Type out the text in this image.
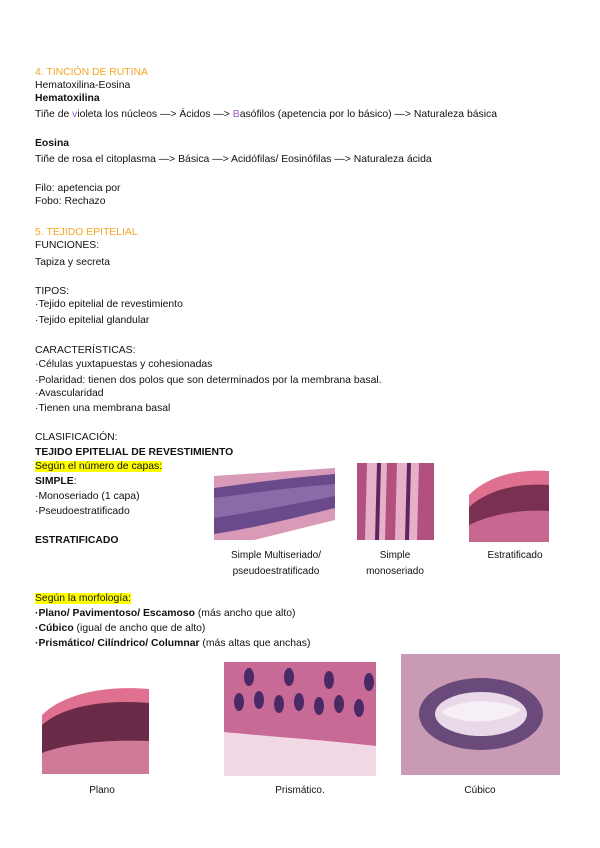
4. TINCIÓN DE RUTINA
Hematoxilina-Eosina
Hematoxilina
Tiñe de violeta los núcleos —> Ácidos —> Basófilos (apetencia por lo básico) —> Naturaleza básica
Eosina
Tiñe de rosa el citoplasma —> Básica —> Acidófilas/ Eosinófilas —> Naturaleza ácida
Filo: apetencia por
Fobo: Rechazo
5. TEJIDO EPITELIAL
FUNCIONES:
Tapiza y secreta
TIPOS:
·Tejido epitelial de revestimiento
·Tejido epitelial glandular
CARACTERÍSTICAS:
·Células yuxtapuestas y cohesionadas
·Polaridad: tienen dos polos que son determinados por la membrana basal.
·Avascularidad
·Tienen una membrana basal
CLASIFICACIÓN:
TEJIDO EPITELIAL DE REVESTIMIENTO
Según el número de capas:
SIMPLE:
·Monoseriado (1 capa)
·Pseudoestratificado
ESTRATIFICADO
Simple Multiseriado/
pseudoestratificado
Simple
monoseriado
Estratificado
Según la morfología:
·Plano/ Pavimentoso/ Escamoso (más ancho que alto)
·Cúbico (igual de ancho que de alto)
·Prismático/ Cilíndrico/ Columnar (más altas que anchas)
Plano	Prismático.	Cúbico
